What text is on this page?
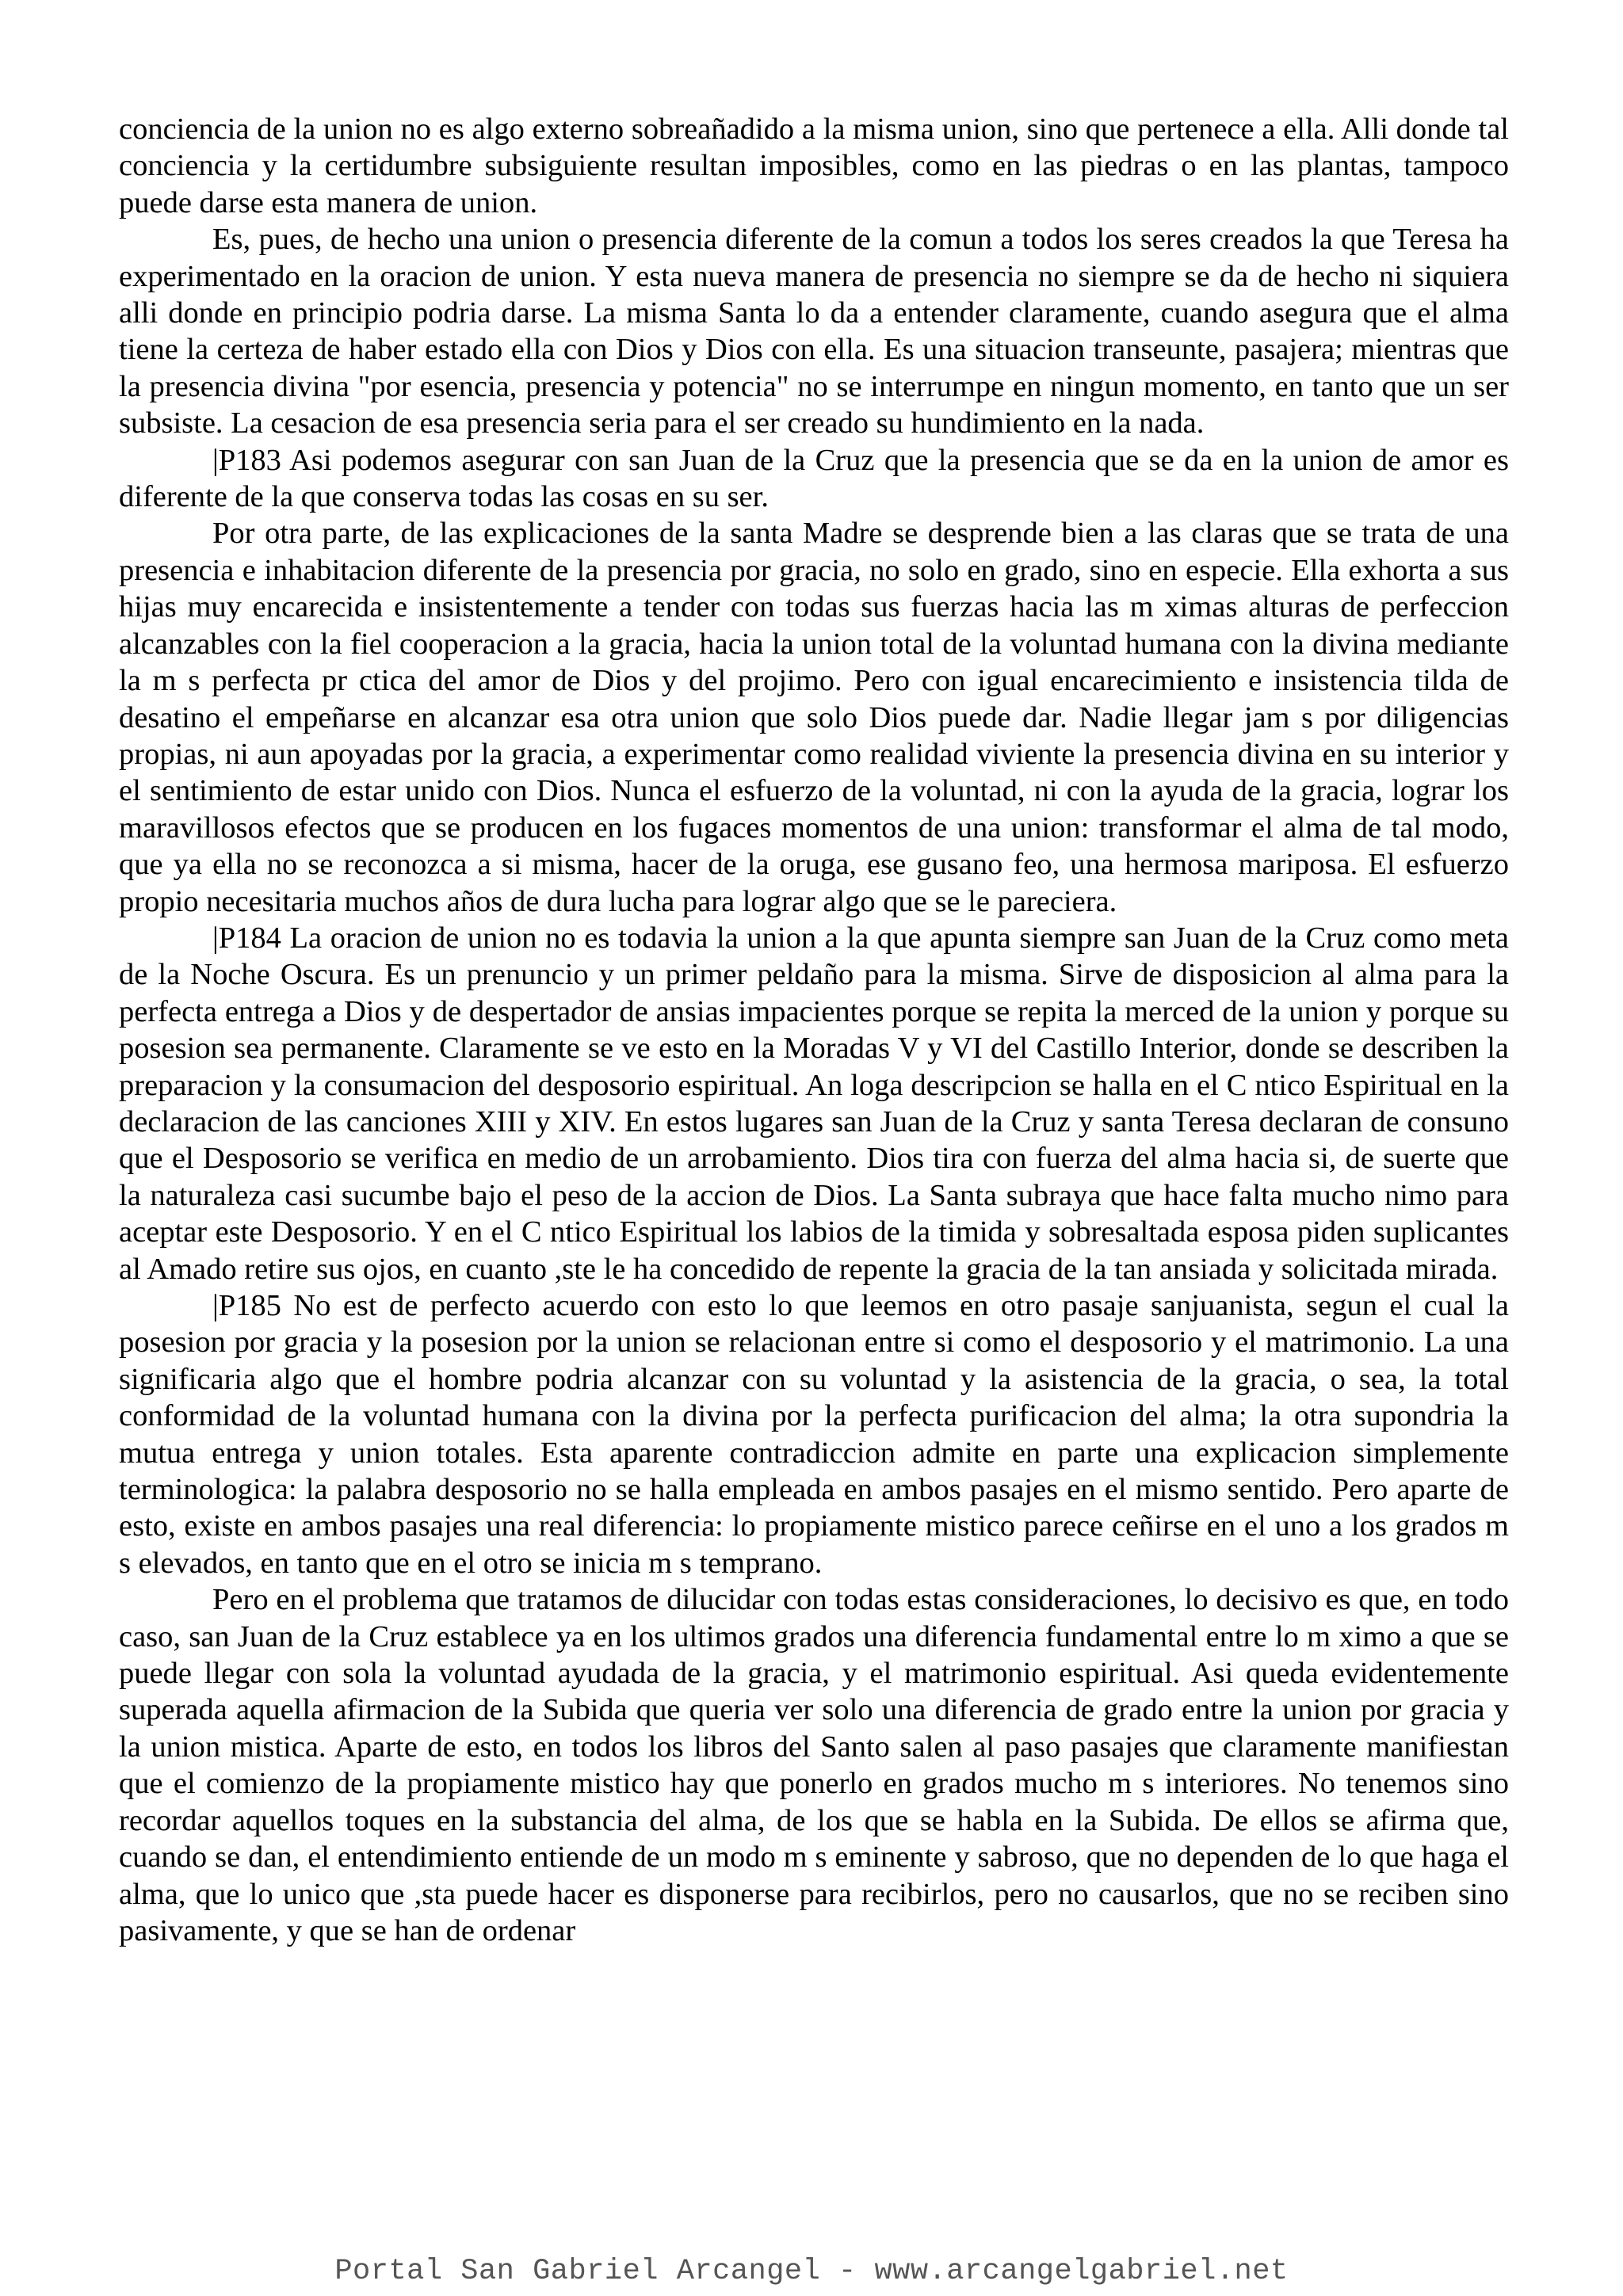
conciencia de la union no es algo externo sobreañadido a la misma union, sino que pertenece a ella. Alli donde tal conciencia y la certidumbre subsiguiente resultan imposibles, como en las piedras o en las plantas, tampoco puede darse esta manera de union.

Es, pues, de hecho una union o presencia diferente de la comun a todos los seres creados la que Teresa ha experimentado en la oracion de union. Y esta nueva manera de presencia no siempre se da de hecho ni siquiera alli donde en principio podria darse. La misma Santa lo da a entender claramente, cuando asegura que el alma tiene la certeza de haber estado ella con Dios y Dios con ella. Es una situacion transeunte, pasajera; mientras que la presencia divina "por esencia, presencia y potencia" no se interrumpe en ningun momento, en tanto que un ser subsiste. La cesacion de esa presencia seria para el ser creado su hundimiento en la nada.

|P183 Asi podemos asegurar con san Juan de la Cruz que la presencia que se da en la union de amor es diferente de la que conserva todas las cosas en su ser.

Por otra parte, de las explicaciones de la santa Madre se desprende bien a las claras que se trata de una presencia e inhabitacion diferente de la presencia por gracia, no solo en grado, sino en especie. Ella exhorta a sus hijas muy encarecida e insistentemente a tender con todas sus fuerzas hacia las m ximas alturas de perfeccion alcanzables con la fiel cooperacion a la gracia, hacia la union total de la voluntad humana con la divina mediante la m s perfecta pr ctica del amor de Dios y del projimo. Pero con igual encarecimiento e insistencia tilda de desatino el empeñarse en alcanzar esa otra union que solo Dios puede dar. Nadie llegar jam s por diligencias propias, ni aun apoyadas por la gracia, a experimentar como realidad viviente la presencia divina en su interior y el sentimiento de estar unido con Dios. Nunca el esfuerzo de la voluntad, ni con la ayuda de la gracia, lograr los maravillosos efectos que se producen en los fugaces momentos de una union: transformar el alma de tal modo, que ya ella no se reconozca a si misma, hacer de la oruga, ese gusano feo, una hermosa mariposa. El esfuerzo propio necesitaria muchos años de dura lucha para lograr algo que se le pareciera.

|P184 La oracion de union no es todavia la union a la que apunta siempre san Juan de la Cruz como meta de la Noche Oscura. Es un prenuncio y un primer peldaño para la misma. Sirve de disposicion al alma para la perfecta entrega a Dios y de despertador de ansias impacientes porque se repita la merced de la union y porque su posesion sea permanente. Claramente se ve esto en la Moradas V y VI del Castillo Interior, donde se describen la preparacion y la consumacion del desposorio espiritual. An loga descripcion se halla en el C ntico Espiritual en la declaracion de las canciones XIII y XIV. En estos lugares san Juan de la Cruz y santa Teresa declaran de consuno que el Desposorio se verifica en medio de un arrobamiento. Dios tira con fuerza del alma hacia si, de suerte que la naturaleza casi sucumbe bajo el peso de la accion de Dios. La Santa subraya que hace falta mucho nimo para aceptar este Desposorio. Y en el C ntico Espiritual los labios de la timida y sobresaltada esposa piden suplicantes al Amado retire sus ojos, en cuanto ,ste le ha concedido de repente la gracia de la tan ansiada y solicitada mirada.

|P185 No est de perfecto acuerdo con esto lo que leemos en otro pasaje sanjuanista, segun el cual la posesion por gracia y la posesion por la union se relacionan entre si como el desposorio y el matrimonio. La una significaria algo que el hombre podria alcanzar con su voluntad y la asistencia de la gracia, o sea, la total conformidad de la voluntad humana con la divina por la perfecta purificacion del alma; la otra supondria la mutua entrega y union totales. Esta aparente contradiccion admite en parte una explicacion simplemente terminologica: la palabra desposorio no se halla empleada en ambos pasajes en el mismo sentido. Pero aparte de esto, existe en ambos pasajes una real diferencia: lo propiamente mistico parece ceñirse en el uno a los grados m s elevados, en tanto que en el otro se inicia m s temprano.

Pero en el problema que tratamos de dilucidar con todas estas consideraciones, lo decisivo es que, en todo caso, san Juan de la Cruz establece ya en los ultimos grados una diferencia fundamental entre lo m ximo a que se puede llegar con sola la voluntad ayudada de la gracia, y el matrimonio espiritual. Asi queda evidentemente superada aquella afirmacion de la Subida que queria ver solo una diferencia de grado entre la union por gracia y la union mistica. Aparte de esto, en todos los libros del Santo salen al paso pasajes que claramente manifiestan que el comienzo de la propiamente mistico hay que ponerlo en grados mucho m s interiores. No tenemos sino recordar aquellos toques en la substancia del alma, de los que se habla en la Subida. De ellos se afirma que, cuando se dan, el entendimiento entiende de un modo m s eminente y sabroso, que no dependen de lo que haga el alma, que lo unico que ,sta puede hacer es disponerse para recibirlos, pero no causarlos, que no se reciben sino pasivamente, y que se han de ordenar

Portal San Gabriel Arcangel - www.arcangelgabriel.net
